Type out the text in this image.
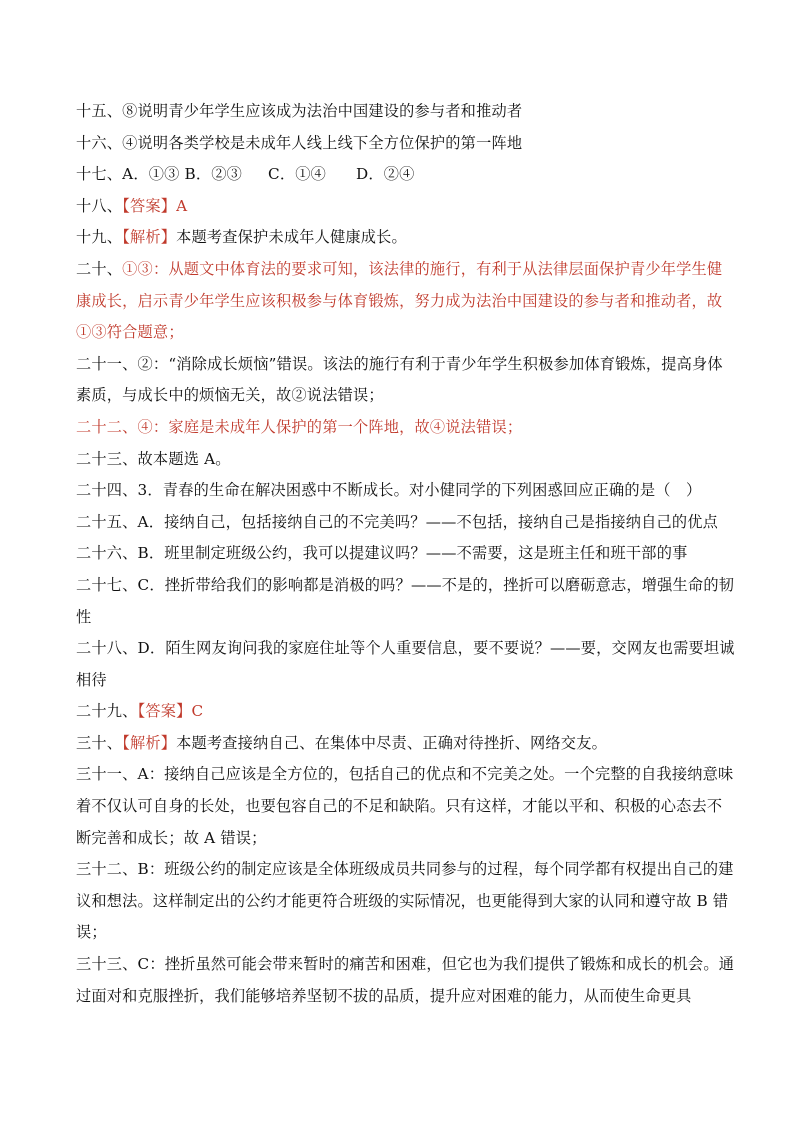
十五、⑧说明青少年学生应该成为法治中国建设的参与者和推动者
十六、④说明各类学校是未成年人线上线下全方位保护的第一阵地
十七、A．①③ B．②③ C．①④ D．②④
十八、【答案】A
十九、【解析】本题考查保护未成年人健康成长。
二十、①③：从题文中体育法的要求可知，该法律的施行，有利于从法律层面保护青少年学生健康成长，启示青少年学生应该积极参与体育锻炼，努力成为法治中国建设的参与者和推动者，故①③符合题意；
二十一、②：“消除成长烦恼”错误。该法的施行有利于青少年学生积极参加体育锻炼，提高身体素质，与成长中的烦恼无关，故②说法错误；
二十二、④：家庭是未成年人保护的第一个阵地，故④说法错误；
二十三、故本题选 A。
二十四、3．青春的生命在解决困惑中不断成长。对小健同学的下列困惑回应正确的是（　）
二十五、A．接纳自己，包括接纳自己的不完美吗？——不包括，接纳自己是指接纳自己的优点
二十六、B．班里制定班级公约，我可以提建议吗？——不需要，这是班主任和班干部的事
二十七、C．挫折带给我们的影响都是消极的吗？——不是的，挫折可以磨砺意志，增强生命的韧性
二十八、D．陌生网友询问我的家庭住址等个人重要信息，要不要说？——要，交网友也需要坦诚相待
二十九、【答案】C
三十、【解析】本题考查接纳自己、在集体中尽责、正确对待挫折、网络交友。
三十一、A：接纳自己应该是全方位的，包括自己的优点和不完美之处。一个完整的自我接纳意味着不仅认可自身的长处，也要包容自己的不足和缺陷。只有这样，才能以平和、积极的心态去不断完善和成长；故 A 错误；
三十二、B：班级公约的制定应该是全体班级成员共同参与的过程，每个同学都有权提出自己的建议和想法。这样制定出的公约才能更符合班级的实际情况，也更能得到大家的认同和遵守故 B 错误；
三十三、C：挫折虽然可能会带来暂时的痛苦和困难，但它也为我们提供了锻炼和成长的机会。通过面对和克服挫折，我们能够培养坚韧不拔的品质，提升应对困难的能力，从而使生命更具
